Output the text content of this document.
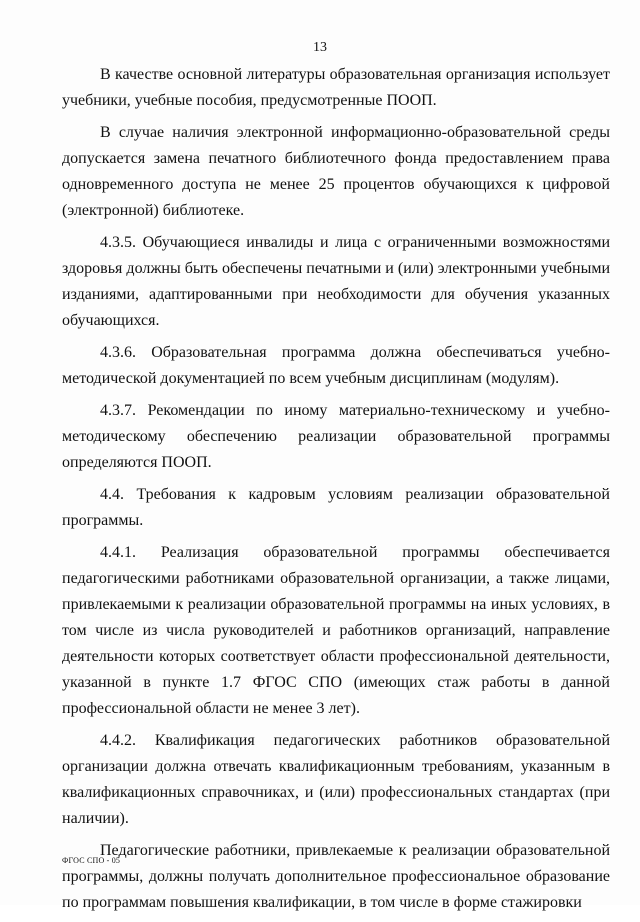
13

В качестве основной литературы образовательная организация использует учебники, учебные пособия, предусмотренные ПООП.

В случае наличия электронной информационно-образовательной среды допускается замена печатного библиотечного фонда предоставлением права одновременного доступа не менее 25 процентов обучающихся к цифровой (электронной) библиотеке.

4.3.5. Обучающиеся инвалиды и лица с ограниченными возможностями здоровья должны быть обеспечены печатными и (или) электронными учебными изданиями, адаптированными при необходимости для обучения указанных обучающихся.

4.3.6. Образовательная программа должна обеспечиваться учебно-методической документацией по всем учебным дисциплинам (модулям).

4.3.7. Рекомендации по иному материально-техническому и учебно-методическому обеспечению реализации образовательной программы определяются ПООП.

4.4. Требования к кадровым условиям реализации образовательной программы.

4.4.1. Реализация образовательной программы обеспечивается педагогическими работниками образовательной организации, а также лицами, привлекаемыми к реализации образовательной программы на иных условиях, в том числе из числа руководителей и работников организаций, направление деятельности которых соответствует области профессиональной деятельности, указанной в пункте 1.7 ФГОС СПО (имеющих стаж работы в данной профессиональной области не менее 3 лет).

4.4.2. Квалификация педагогических работников образовательной организации должна отвечать квалификационным требованиям, указанным в квалификационных справочниках, и (или) профессиональных стандартах (при наличии).

Педагогические работники, привлекаемые к реализации образовательной программы, должны получать дополнительное профессиональное образование по программам повышения квалификации, в том числе в форме стажировки

ФГОС СПО - 05
